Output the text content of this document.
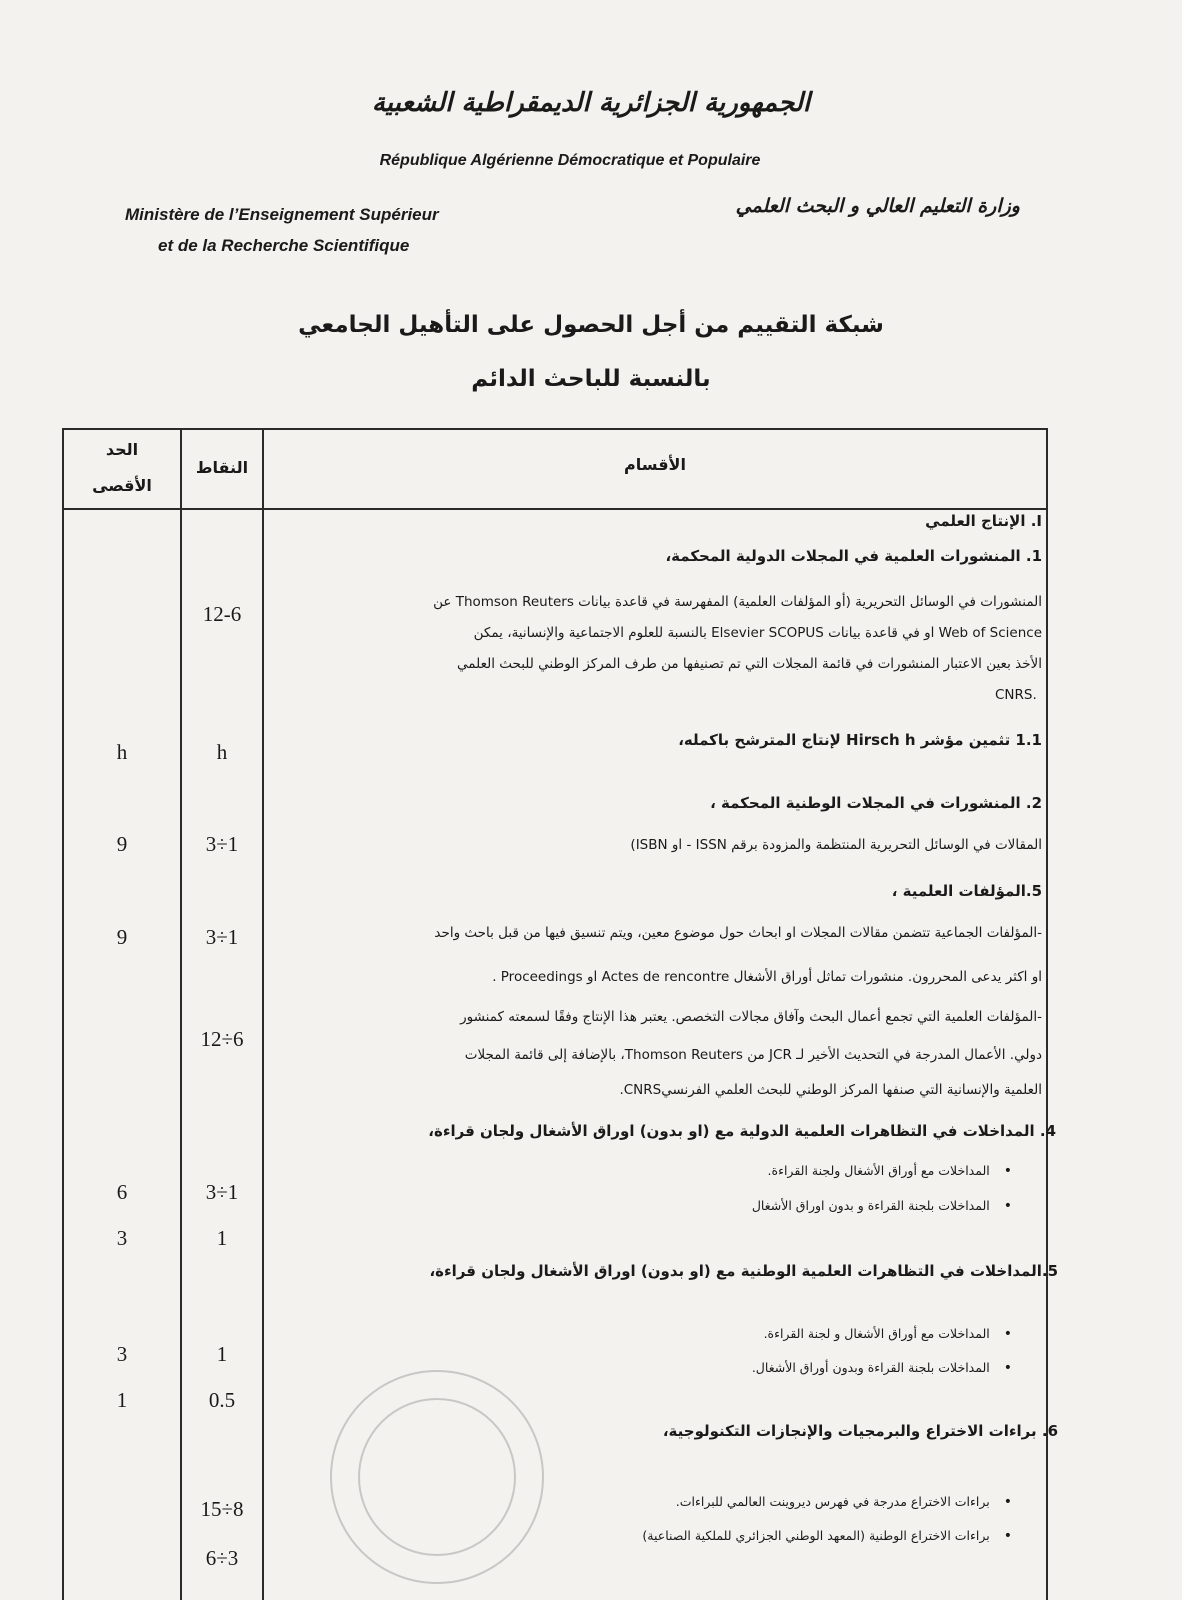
الجمهورية الجزائرية الديمقراطية الشعبية
République Algérienne Démocratique et Populaire
Ministère de l’Enseignement Supérieur
et de la Recherche Scientifique
وزارة التعليم العالي و البحث العلمي
شبكة التقييم من أجل الحصول على التأهيل الجامعي
بالنسبة للباحث الدائم
الأقسام
النقاط
الحد
الأقصى
I. الإنتاج العلمي
1. المنشورات العلمية في المجلات الدولية المحكمة،
المنشورات في الوسائل التحريرية (أو المؤلفات العلمية) المفهرسة في قاعدة بيانات Thomson Reuters عن
Web of Science او في قاعدة بيانات Elsevier SCOPUS بالنسبة للعلوم الاجتماعية والإنسانية، يمكن
الأخذ بعين الاعتبار المنشورات في قائمة المجلات التي تم تصنيفها من طرف المركز الوطني للبحث العلمي
CNRS.
12-6
1.1 تثمين مؤشر Hirsch h لإنتاج المترشح باكمله،
h
h
2. المنشورات في المجلات الوطنية المحكمة ،
المقالات في الوسائل التحريرية المنتظمة والمزودة برقم ISSN - او ISBN)
3÷1
9
5.المؤلفات العلمية ،
-المؤلفات الجماعية تتضمن مقالات المجلات او ابحاث حول موضوع معين، ويتم تنسيق فيها من قبل باحث واحد
او اكثر يدعى المحررون. منشورات تماثل أوراق الأشغال Actes de rencontre او Proceedings .
3÷1
9
-المؤلفات العلمية التي تجمع أعمال البحث وآفاق مجالات التخصص. يعتبر هذا الإنتاج وفقًا لسمعته كمنشور
دولي. الأعمال المدرجة في التحديث الأخير لـ JCR من Thomson Reuters، بالإضافة إلى قائمة المجلات
العلمية والإنسانية التي صنفها المركز الوطني للبحث العلمي الفرنسيCNRS.
12÷6
4. المداخلات في التظاهرات العلمية الدولية مع (او بدون) اوراق الأشغال ولجان قراءة،
• المداخلات مع أوراق الأشغال ولجنة القراءة.
• المداخلات بلجنة القراءة و بدون اوراق الأشغال
3÷1
6
1
3
5.المداخلات في التظاهرات العلمية الوطنية مع (او بدون) اوراق الأشغال ولجان قراءة،
• المداخلات مع أوراق الأشغال و لجنة القراءة.
• المداخلات بلجنة القراءة وبدون أوراق الأشغال.
1
3
0.5
1
6. براءات الاختراع والبرمجيات والإنجازات التكنولوجية،
• براءات الاختراع مدرجة في فهرس ديروينت العالمي للبراءات.
• براءات الاختراع الوطنية (المعهد الوطني الجزائري للملكية الصناعية)
15÷8
6÷3
